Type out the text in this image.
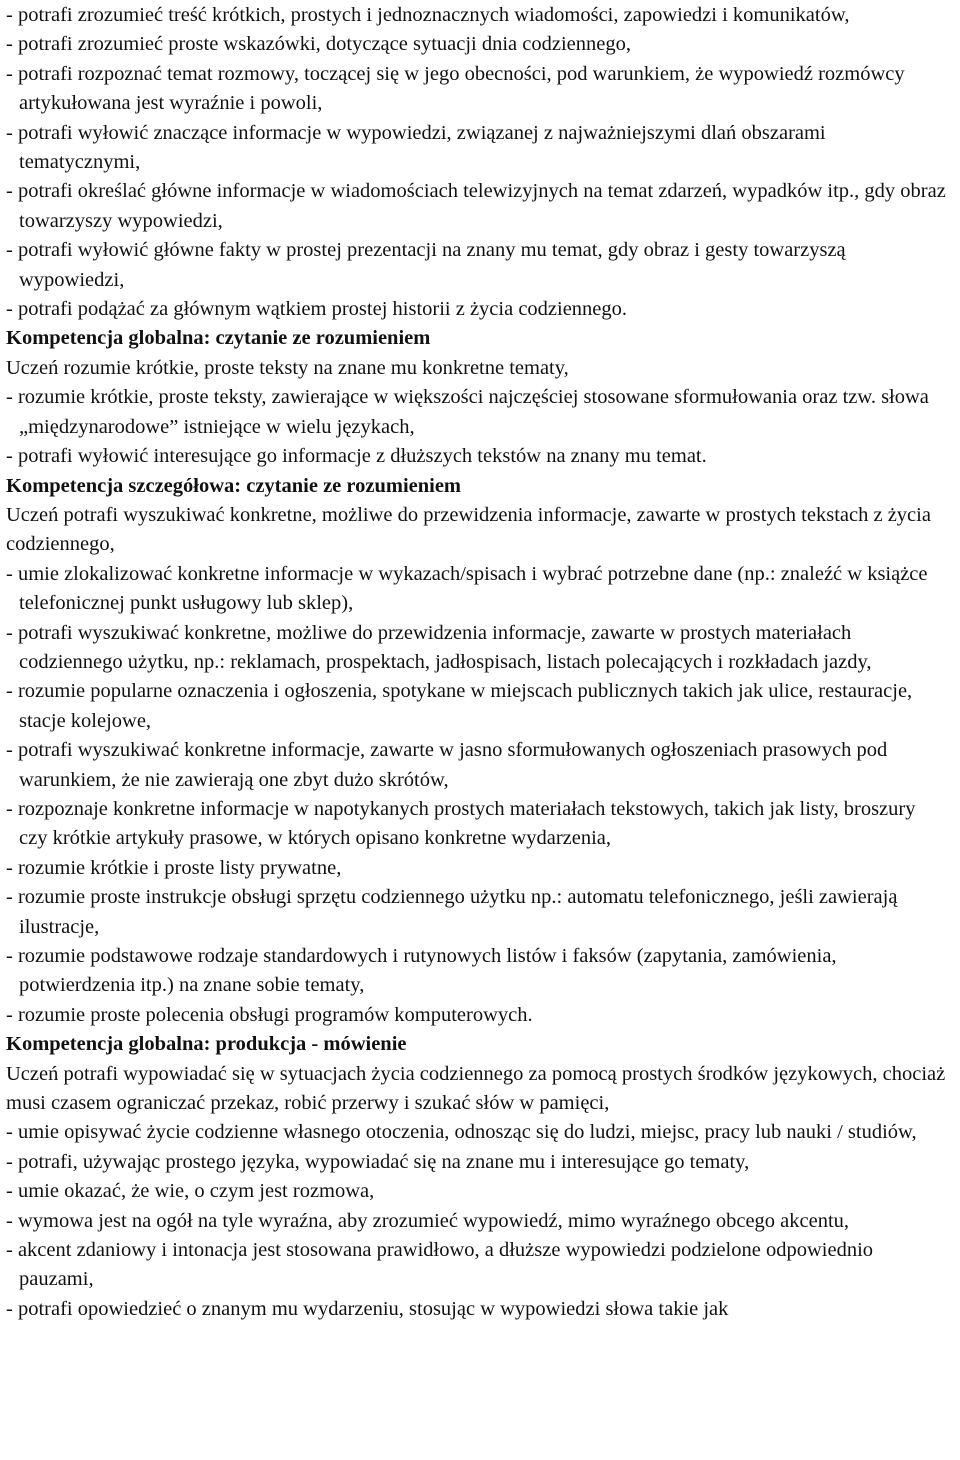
- potrafi zrozumieć treść krótkich, prostych i jednoznacznych wiadomości, zapowiedzi i komunikatów,

- potrafi zrozumieć proste wskazówki, dotyczące sytuacji dnia codziennego,

- potrafi rozpoznać temat rozmowy, toczącej się w jego obecności, pod warunkiem, że wypowiedź rozmówcy artykułowana jest wyraźnie i powoli,

- potrafi wyłowić znaczące informacje w wypowiedzi, związanej z najważniejszymi dlań obszarami tematycznymi,

- potrafi określać główne informacje w wiadomościach telewizyjnych na temat zdarzeń, wypadków itp., gdy obraz towarzyszy wypowiedzi,

- potrafi wyłowić główne fakty w prostej prezentacji na znany mu temat, gdy obraz i gesty towarzyszą wypowiedzi,

- potrafi podążać za głównym wątkiem prostej historii z życia codziennego.

Kompetencja globalna: czytanie ze rozumieniem

Uczeń rozumie krótkie, proste teksty na znane mu konkretne tematy,

- rozumie krótkie, proste teksty, zawierające w większości najczęściej stosowane sformułowania oraz tzw. słowa „międzynarodowe” istniejące w wielu językach,

- potrafi wyłowić interesujące go informacje z dłuższych tekstów na znany mu temat.

Kompetencja szczegółowa: czytanie ze rozumieniem

Uczeń potrafi wyszukiwać konkretne, możliwe do przewidzenia informacje, zawarte w prostych tekstach z życia codziennego,

- umie zlokalizować konkretne informacje w wykazach/spisach i wybrać potrzebne dane (np.: znaleźć w książce telefonicznej punkt usługowy lub sklep),

- potrafi wyszukiwać konkretne, możliwe do przewidzenia informacje, zawarte w prostych materiałach codziennego użytku, np.: reklamach, prospektach, jadłospisach, listach polecających i rozkładach jazdy,

- rozumie popularne oznaczenia i ogłoszenia, spotykane w miejscach publicznych takich jak ulice, restauracje, stacje kolejowe,

- potrafi wyszukiwać konkretne informacje, zawarte w jasno sformułowanych ogłoszeniach prasowych pod warunkiem, że nie zawierają one zbyt dużo skrótów,

- rozpoznaje konkretne informacje w napotykanych prostych materiałach tekstowych, takich jak listy, broszury czy krótkie artykuły prasowe, w których opisano konkretne wydarzenia,

- rozumie krótkie i proste listy prywatne,

- rozumie proste instrukcje obsługi sprzętu codziennego użytku np.: automatu telefonicznego, jeśli zawierają ilustracje,

- rozumie podstawowe rodzaje standardowych i rutynowych listów i faksów (zapytania, zamówienia, potwierdzenia itp.) na znane sobie tematy,

- rozumie proste polecenia obsługi programów komputerowych.

Kompetencja globalna: produkcja - mówienie

Uczeń potrafi wypowiadać się w sytuacjach życia codziennego za pomocą prostych środków językowych, chociaż musi czasem ograniczać przekaz, robić przerwy i szukać słów w pamięci,

- umie opisywać życie codzienne własnego otoczenia, odnosząc się do ludzi, miejsc, pracy lub nauki / studiów,

- potrafi, używając prostego języka, wypowiadać się na znane mu i interesujące go tematy,

- umie okazać, że wie, o czym jest rozmowa,

- wymowa jest na ogół na tyle wyraźna, aby zrozumieć wypowiedź, mimo wyraźnego obcego akcentu,

- akcent zdaniowy i intonacja jest stosowana prawidłowo, a dłuższe wypowiedzi podzielone odpowiednio pauzami,

- potrafi opowiedzieć o znanym mu wydarzeniu, stosując w wypowiedzi słowa takie jak
